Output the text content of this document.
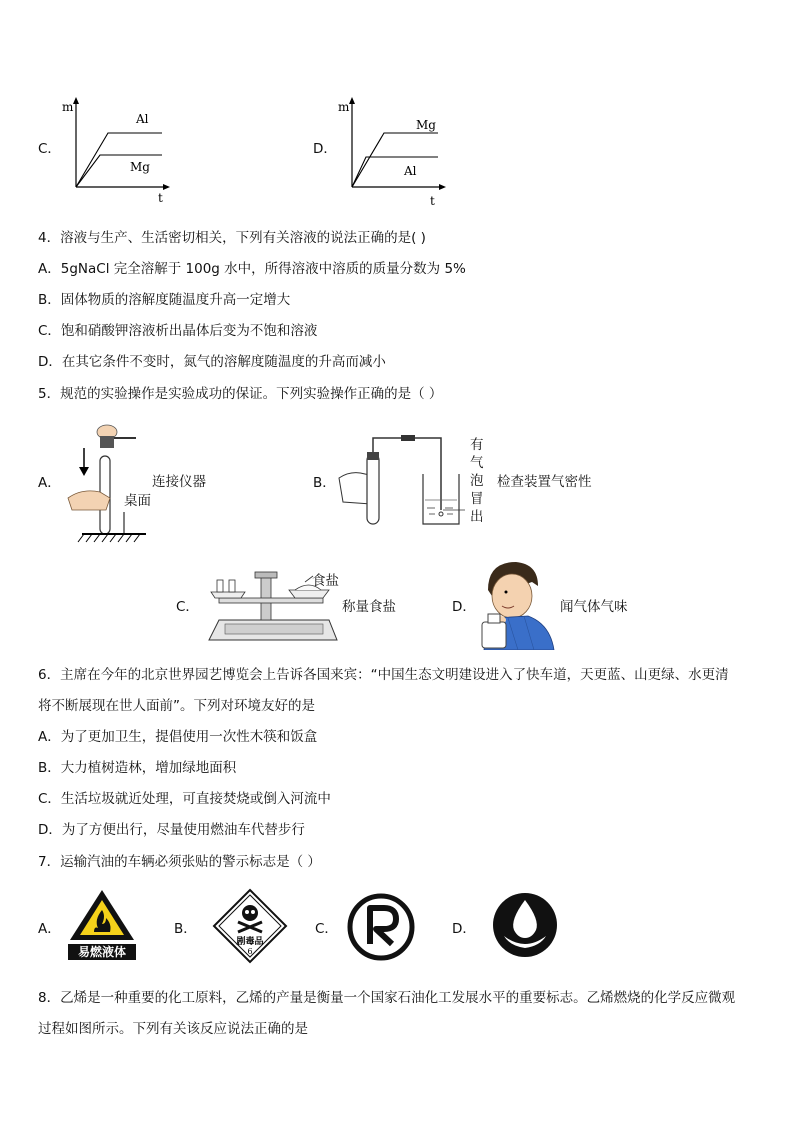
C．
m
t
Al
Mg
D．
m
t
Mg
Al
4．溶液与生产、生活密切相关，下列有关溶液的说法正确的是( )
A．5gNaCl 完全溶解于 100g 水中，所得溶液中溶质的质量分数为 5%
B．固体物质的溶解度随温度升高一定增大
C．饱和硝酸钾溶液析出晶体后变为不饱和溶液
D．在其它条件不变时，氮气的溶解度随温度的升高而减小
5．规范的实验操作是实验成功的保证。下列实验操作正确的是（ ）
A．	连接仪器
桌面
B．
有
气
泡
冒
出
检查装置气密性
C．
食盐
称量食盐	D．	闻气体气味
6．主席在今年的北京世界园艺博览会上告诉各国来宾：“中国生态文明建设进入了快车道，天更蓝、山更绿、水更清
将不断展现在世人面前”。下列对环境友好的是
A．为了更加卫生，提倡使用一次性木筷和饭盒
B．大力植树造林，增加绿地面积
C．生活垃圾就近处理，可直接焚烧或倒入河流中
D．为了方便出行，尽量使用燃油车代替步行
7．运输汽油的车辆必须张贴的警示标志是（ ）
A．
易燃液体
B．
剧毒品
6
C．	D．
8．乙烯是一种重要的化工原料，乙烯的产量是衡量一个国家石油化工发展水平的重要标志。乙烯燃烧的化学反应微观
过程如图所示。下列有关该反应说法正确的是
